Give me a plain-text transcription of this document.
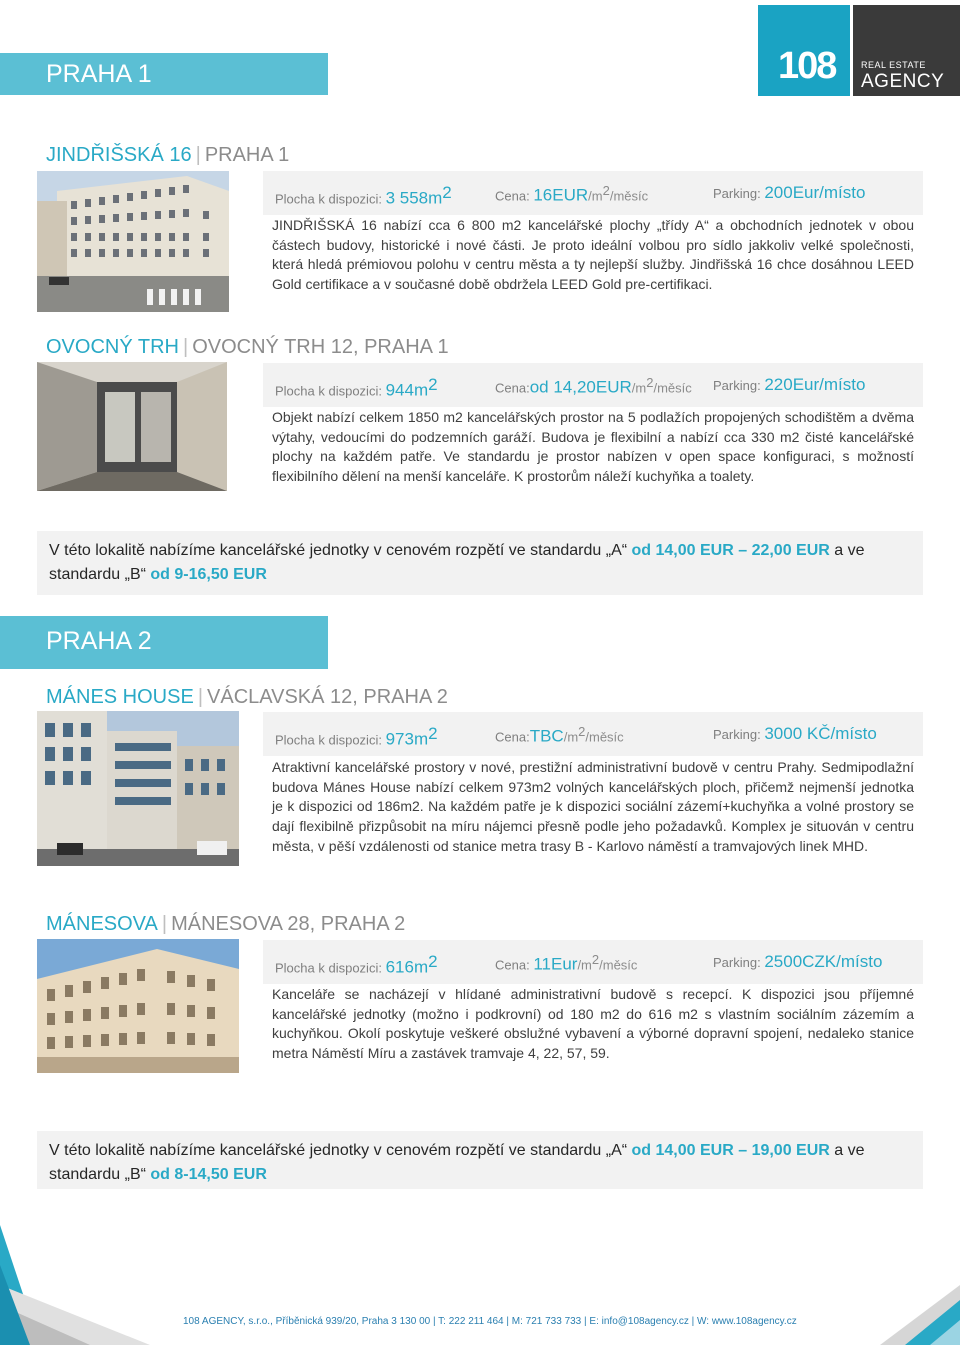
108	REAL ESTATE
AGENCY
PRAHA 1
JINDŘIŠSKÁ 16 | PRAHA 1
Plocha k dispozici: 3 $558m^2$	Cena: $16EUR/m^2$/měsíc	Parking: 200Eur/místo
JINDŘIŠSKÁ 16 nabízí cca 6 800 m2 kancelářské plochy „třídy A“ a obchodních jednotek v obou částech budovy, historické i nové části. Je proto ideální volbou pro sídlo jakkoliv velké společnosti, která hledá prémiovou polohu v centru města a ty nejlepší služby. Jindřišská 16 chce dosáhnou LEED Gold certifikace a v současné době obdržela LEED Gold pre-certifikaci.
OVOCNÝ TRH | OVOCNÝ TRH 12, PRAHA 1
Plocha k dispozici: $944m^2$	Cena:od $14,20EUR/m^2$/měsíc Parking: 220Eur/místo
Objekt nabízí celkem 1850 m2 kancelářských prostor na 5 podlažích propojených schodištěm a dvěma výtahy, vedoucími do podzemních garáží. Budova je flexibilní a nabízí cca 330 m2 čisté kancelářské plochy na každém patře. Ve standardu je prostor nabízen v open space konfiguraci, s možností flexibilního dělení na menší kanceláře. K prostorům náleží kuchyňka a toalety.
V této lokalitě nabízíme kancelářské jednotky v cenovém rozpětí ve standardu „A“ od 14,00 EUR – 22,00 EUR a ve standardu „B“ od 9-16,50 EUR
PRAHA 2
MÁNES HOUSE | VÁCLAVSKÁ 12, PRAHA 2
Plocha k dispozici: $973m^2$	$Cena:TBC/m^2$/měsíc	Parking: 3000 KČ/místo
Atraktivní kancelářské prostory v nové, prestižní administrativní budově v centru Prahy. Sedmipodlažní budova Mánes House nabízí celkem 973m2 volných kancelářských ploch, přičemž nejmenší jednotka je k dispozici od 186m2. Na každém patře je k dispozici sociální zázemí+kuchyňka a volné prostory se dají flexibilně přizpůsobit na míru nájemci přesně podle jeho požadavků. Komplex je situován v centru města, v pěší vzdálenosti od stanice metra trasy B - Karlovo náměstí a tramvajových linek MHD.
MÁNESOVA | MÁNESOVA 28, PRAHA 2
Plocha k dispozici: $616m^2$	Cena: $11Eur/m^2$/měsíc	Parking: 2500CZK/místo
Kanceláře se nacházejí v hlídané administrativní budově s recepcí. K dispozici jsou příjemné kancelářské jednotky (možno i podkrovní) od 180 m2 do 616 m2 s vlastním sociálním zázemím a kuchyňkou. Okolí poskytuje veškeré obslužné vybavení a výborné dopravní spojení, nedaleko stanice metra Náměstí Míru a zastávek tramvaje 4, 22, 57, 59.
V této lokalitě nabízíme kancelářské jednotky v cenovém rozpětí ve standardu „A“ od 14,00 EUR – 19,00 EUR a ve standardu „B“ od 8-14,50 EUR
108 AGENCY, s.r.o., Příběnická 939/20, Praha 3 130 00 | T: 222 211 464 | M: 721 733 733 | E: info@108agency.cz | W: www.108agency.cz
